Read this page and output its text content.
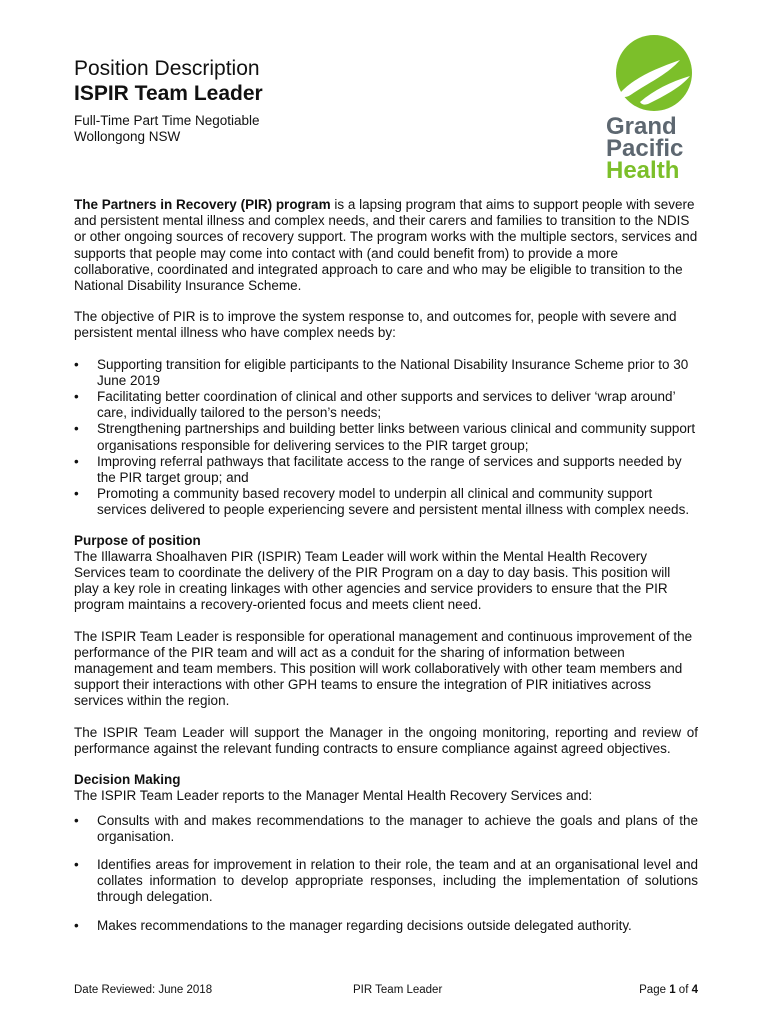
Position Description
ISPIR Team Leader
Full-Time Part Time Negotiable
Wollongong NSW	Grand
Pacific
Health

The Partners in Recovery (PIR) program is a lapsing program that aims to support people with severe and persistent mental illness and complex needs, and their carers and families to transition to the NDIS or other ongoing sources of recovery support. The program works with the multiple sectors, services and supports that people may come into contact with (and could benefit from) to provide a more collaborative, coordinated and integrated approach to care and who may be eligible to transition to the National Disability Insurance Scheme.

The objective of PIR is to improve the system response to, and outcomes for, people with severe and persistent mental illness who have complex needs by:

• Supporting transition for eligible participants to the National Disability Insurance Scheme prior to 30 June 2019
• Facilitating better coordination of clinical and other supports and services to deliver ‘wrap around’ care, individually tailored to the person’s needs;
• Strengthening partnerships and building better links between various clinical and community support organisations responsible for delivering services to the PIR target group;
• Improving referral pathways that facilitate access to the range of services and supports needed by the PIR target group; and
• Promoting a community based recovery model to underpin all clinical and community support services delivered to people experiencing severe and persistent mental illness with complex needs.
Purpose of position

The Illawarra Shoalhaven PIR (ISPIR) Team Leader will work within the Mental Health Recovery Services team to coordinate the delivery of the PIR Program on a day to day basis. This position will play a key role in creating linkages with other agencies and service providers to ensure that the PIR program maintains a recovery-oriented focus and meets client need.

The ISPIR Team Leader is responsible for operational management and continuous improvement of the performance of the PIR team and will act as a conduit for the sharing of information between management and team members. This position will work collaboratively with other team members and support their interactions with other GPH teams to ensure the integration of PIR initiatives across services within the region.

The ISPIR Team Leader will support the Manager in the ongoing monitoring, reporting and review of performance against the relevant funding contracts to ensure compliance against agreed objectives.

Decision Making

The ISPIR Team Leader reports to the Manager Mental Health Recovery Services and:

• Consults with and makes recommendations to the manager to achieve the goals and plans of the organisation.
• Identifies areas for improvement in relation to their role, the team and at an organisational level and collates information to develop appropriate responses, including the implementation of solutions through delegation.
• Makes recommendations to the manager regarding decisions outside delegated authority.
Date Reviewed: June 2018	PIR Team Leader	Page 1 of 4
